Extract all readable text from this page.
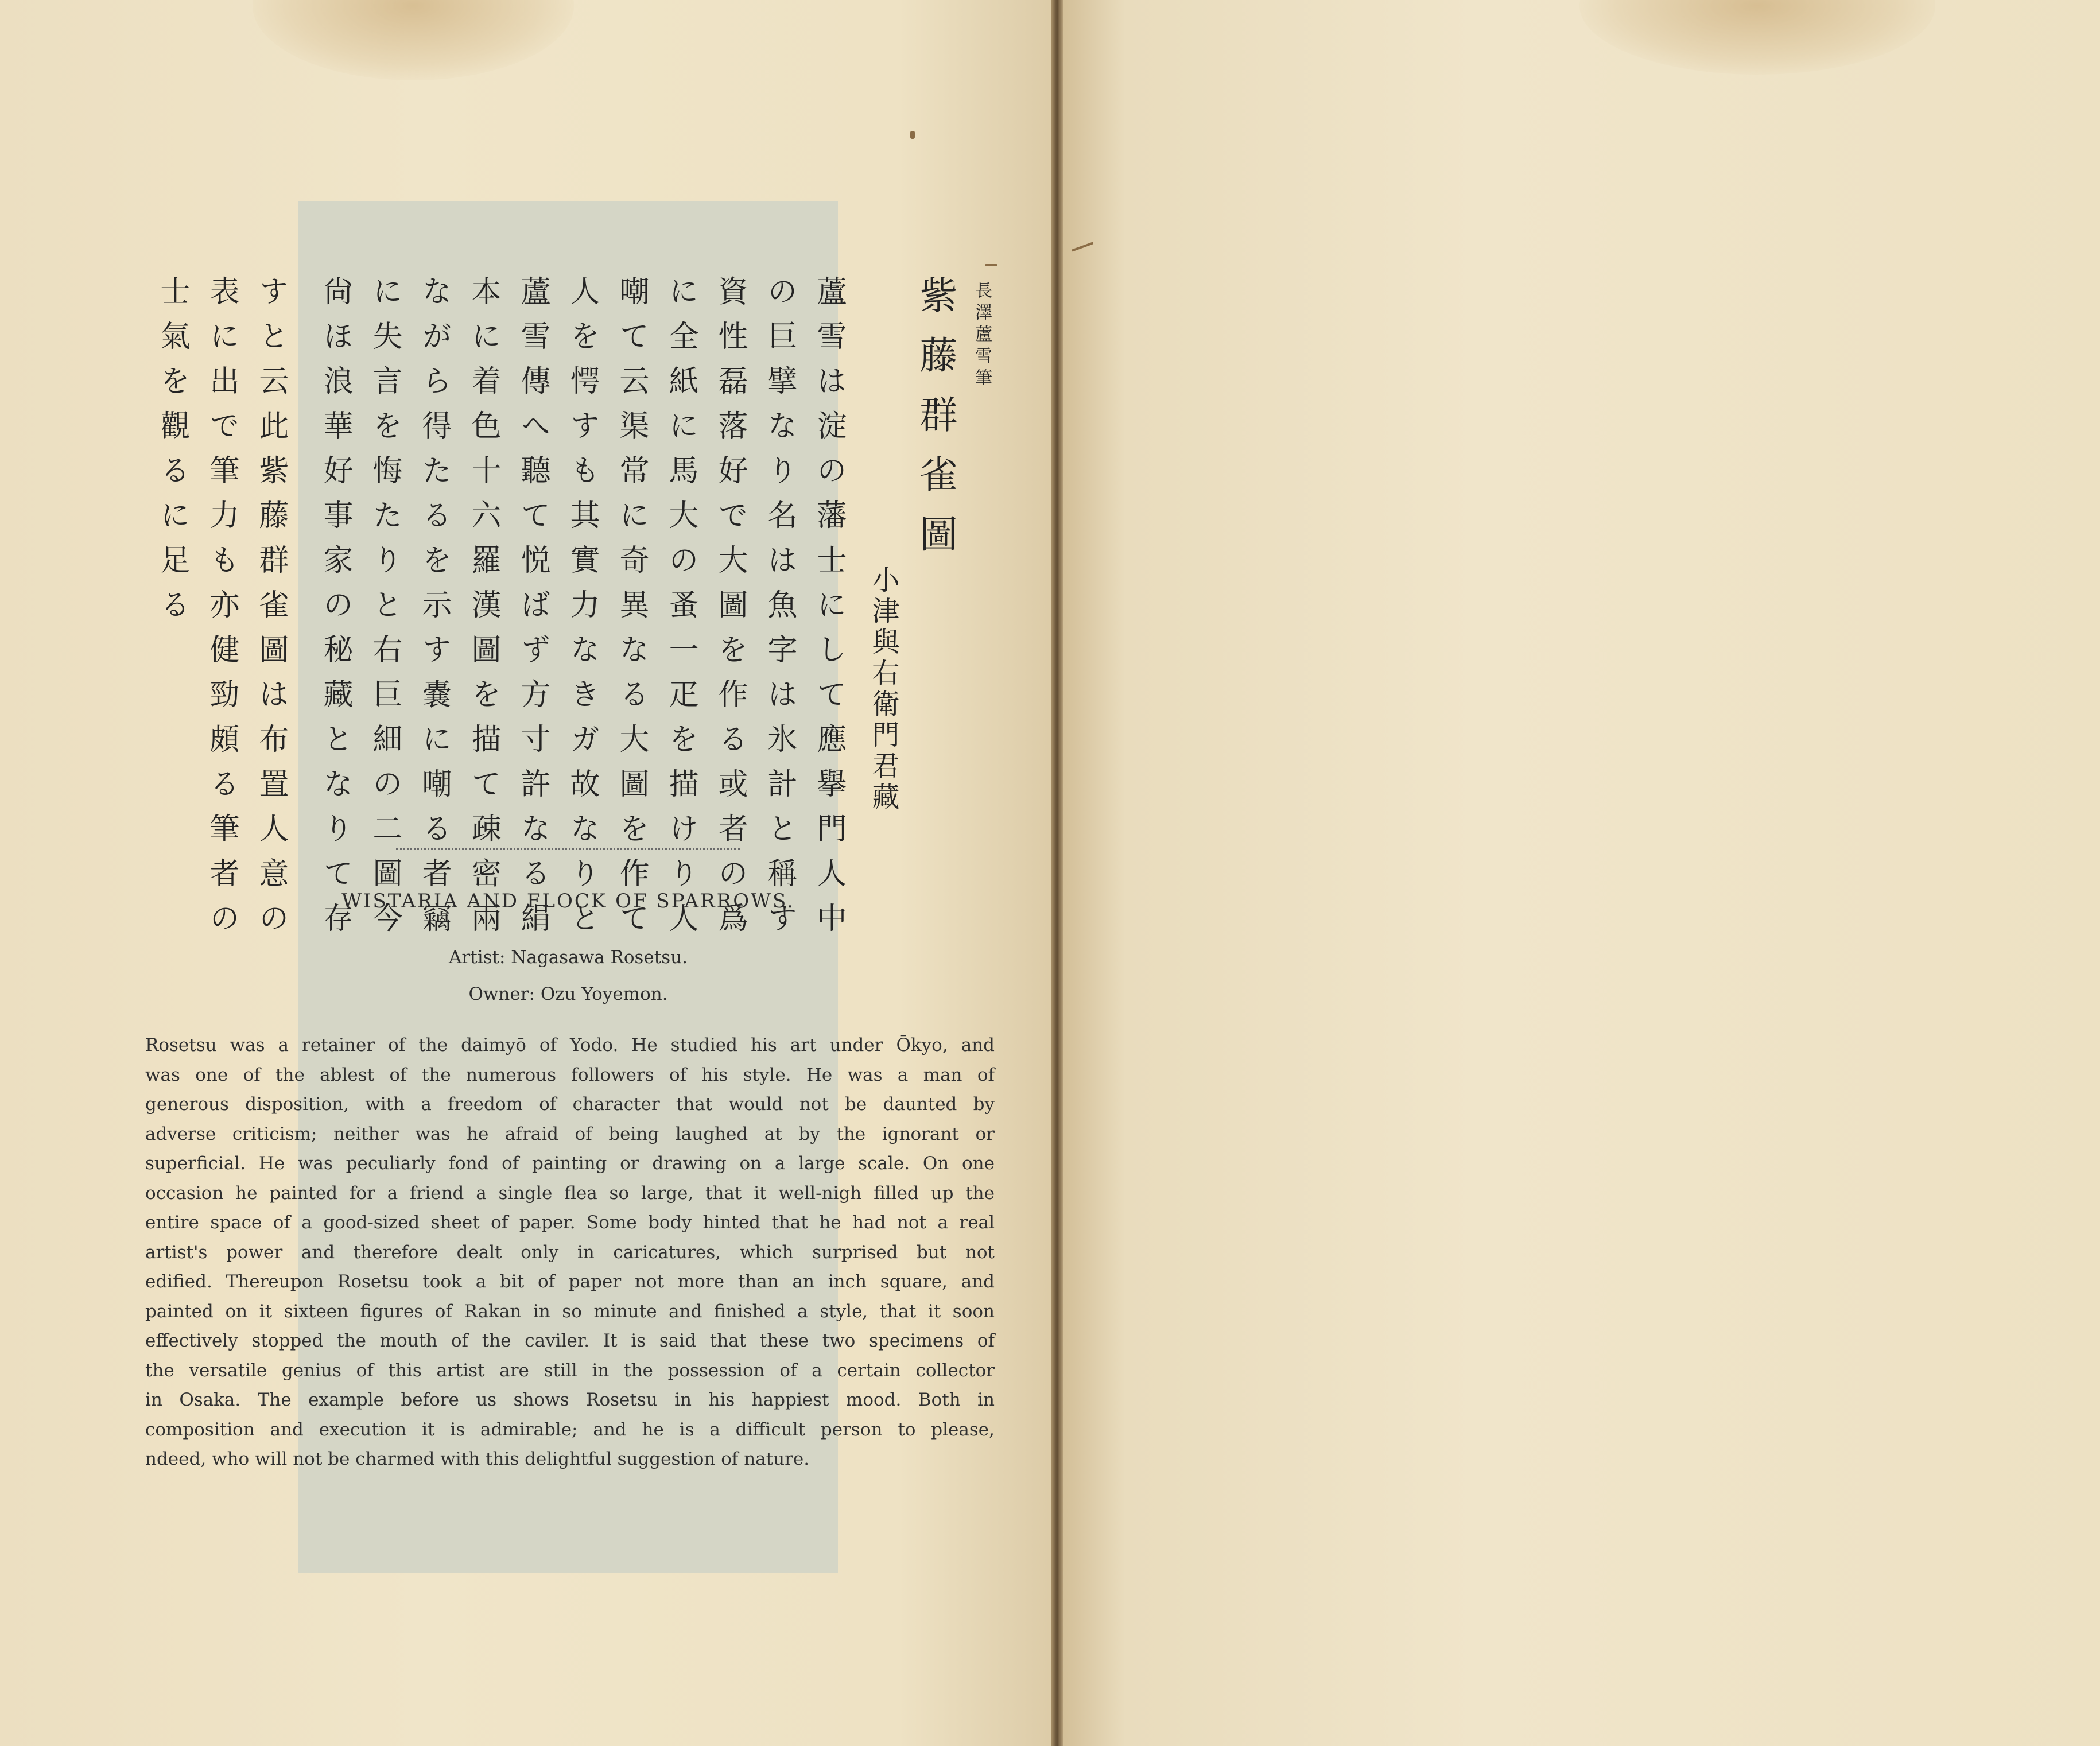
長澤蘆雪筆
紫藤群雀圖
小津與右衛門君藏
蘆雪は淀の藩士にして應擧門人中
の巨擘なり名は魚字は氷計と稱す
資性磊落好で大圖を作る或者の爲
に全紙に馬大の蚤一疋を描けり人
嘲て云渠常に奇異なる大圖を作て
人を愕すも其實力なきガ故なりと
蘆雪傳へ聽て悦ばず方寸許なる絹
本に着色十六羅漢圖を描て疎密兩
ながら得たるを示す嚢に嘲る者竊
に失言を悔たりと右巨細の二圖今
尙ほ浪華好事家の秘藏となりて存
すと云此紫藤群雀圖は布置人意の
表に出で筆力も亦健勁頗る筆者の
士氣を觀るに足る
WISTARIA AND FLOCK OF SPARROWS.
Artist: Nagasawa Rosetsu.
Owner: Ozu Yoyemon.

Rosetsu was a retainer of the daimyō of Yodo. He studied his art under Ōkyo, and

was one of the ablest of the numerous followers of his style. He was a man of

generous disposition, with a freedom of character that would not be daunted by

adverse criticism; neither was he afraid of being laughed at by the ignorant or

superficial. He was peculiarly fond of painting or drawing on a large scale. On one

occasion he painted for a friend a single flea so large, that it well-nigh filled up the

entire space of a good-sized sheet of paper. Some body hinted that he had not a real

artist's power and therefore dealt only in caricatures, which surprised but not

edified. Thereupon Rosetsu took a bit of paper not more than an inch square, and

painted on it sixteen figures of Rakan in so minute and finished a style, that it soon

effectively stopped the mouth of the caviler. It is said that these two specimens of

the versatile genius of this artist are still in the possession of a certain collector

in Osaka. The example before us shows Rosetsu in his happiest mood. Both in

composition and execution it is admirable; and he is a difficult person to please,

ndeed, who will not be charmed with this delightful suggestion of nature.
